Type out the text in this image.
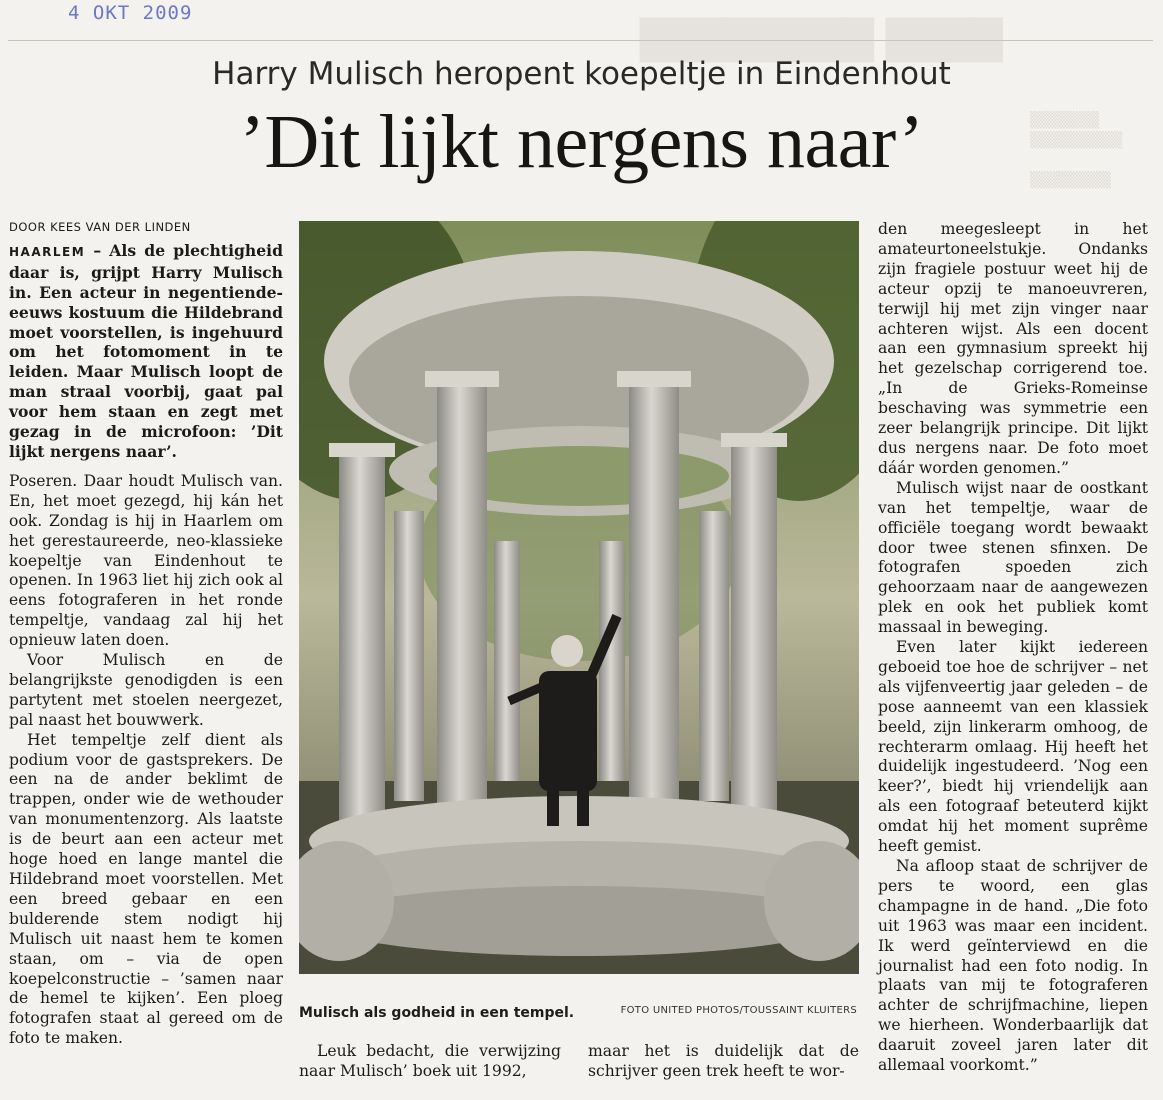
4 OKT 2009
████████ ████
▒▒▒▒▒▒
▒▒▒▒▒▒▒▒

▒▒▒▒▒▒▒
Harry Mulisch heropent koepeltje in Eindenhout
’Dit lijkt nergens naar’
DOOR KEES VAN DER LINDEN

HAARLEM – Als de plechtigheid daar is, grijpt Harry Mulisch in. Een acteur in negentiende-eeuws kostuum die Hildebrand moet voorstellen, is ingehuurd om het fotomoment in te leiden. Maar Mulisch loopt de man straal voorbij, gaat pal voor hem staan en zegt met gezag in de microfoon: ’Dit lijkt nergens naar’.

Poseren. Daar houdt Mulisch van. En, het moet gezegd, hij kán het ook. Zondag is hij in Haarlem om het gerestaureerde, neo-klassieke koepeltje van Eindenhout te openen. In 1963 liet hij zich ook al eens fotograferen in het ronde tempeltje, vandaag zal hij het opnieuw laten doen.

Voor Mulisch en de belangrijkste genodigden is een partytent met stoelen neergezet, pal naast het bouwwerk.

Het tempeltje zelf dient als podium voor de gastsprekers. De een na de ander beklimt de trappen, onder wie de wethouder van monumentenzorg. Als laatste is de beurt aan een acteur met hoge hoed en lange mantel die Hildebrand moet voorstellen. Met een breed gebaar en een bulderende stem nodigt hij Mulisch uit naast hem te komen staan, om – via de open koepelconstructie – ’samen naar de hemel te kijken’. Een ploeg fotografen staat al gereed om de foto te maken.

Mulisch als godheid in een tempel.	FOTO UNITED PHOTOS/TOUSSAINT KLUITERS

Leuk bedacht, die verwijzing naar Mulisch’ boek uit 1992,

maar het is duidelijk dat de schrijver geen trek heeft te wor-

den meegesleept in het amateurtoneelstukje. Ondanks zijn fragiele postuur weet hij de acteur opzij te manoeuvreren, terwijl hij met zijn vinger naar achteren wijst. Als een docent aan een gymnasium spreekt hij het gezelschap corrigerend toe. „In de Grieks-Romeinse beschaving was symmetrie een zeer belangrijk principe. Dit lijkt dus nergens naar. De foto moet dáár worden genomen.”

Mulisch wijst naar de oostkant van het tempeltje, waar de officiële toegang wordt bewaakt door twee stenen sfinxen. De fotografen spoeden zich gehoorzaam naar de aangewezen plek en ook het publiek komt massaal in beweging.

Even later kijkt iedereen geboeid toe hoe de schrijver – net als vijfenveertig jaar geleden – de pose aanneemt van een klassiek beeld, zijn linkerarm omhoog, de rechterarm omlaag. Hij heeft het duidelijk ingestudeerd. ’Nog een keer?’, biedt hij vriendelijk aan als een fotograaf beteuterd kijkt omdat hij het moment suprême heeft gemist.

Na afloop staat de schrijver de pers te woord, een glas champagne in de hand. „Die foto uit 1963 was maar een incident. Ik werd geïnterviewd en die journalist had een foto nodig. In plaats van mij te fotograferen achter de schrijfmachine, liepen we hierheen. Wonderbaarlijk dat daaruit zoveel jaren later dit allemaal voorkomt.”
